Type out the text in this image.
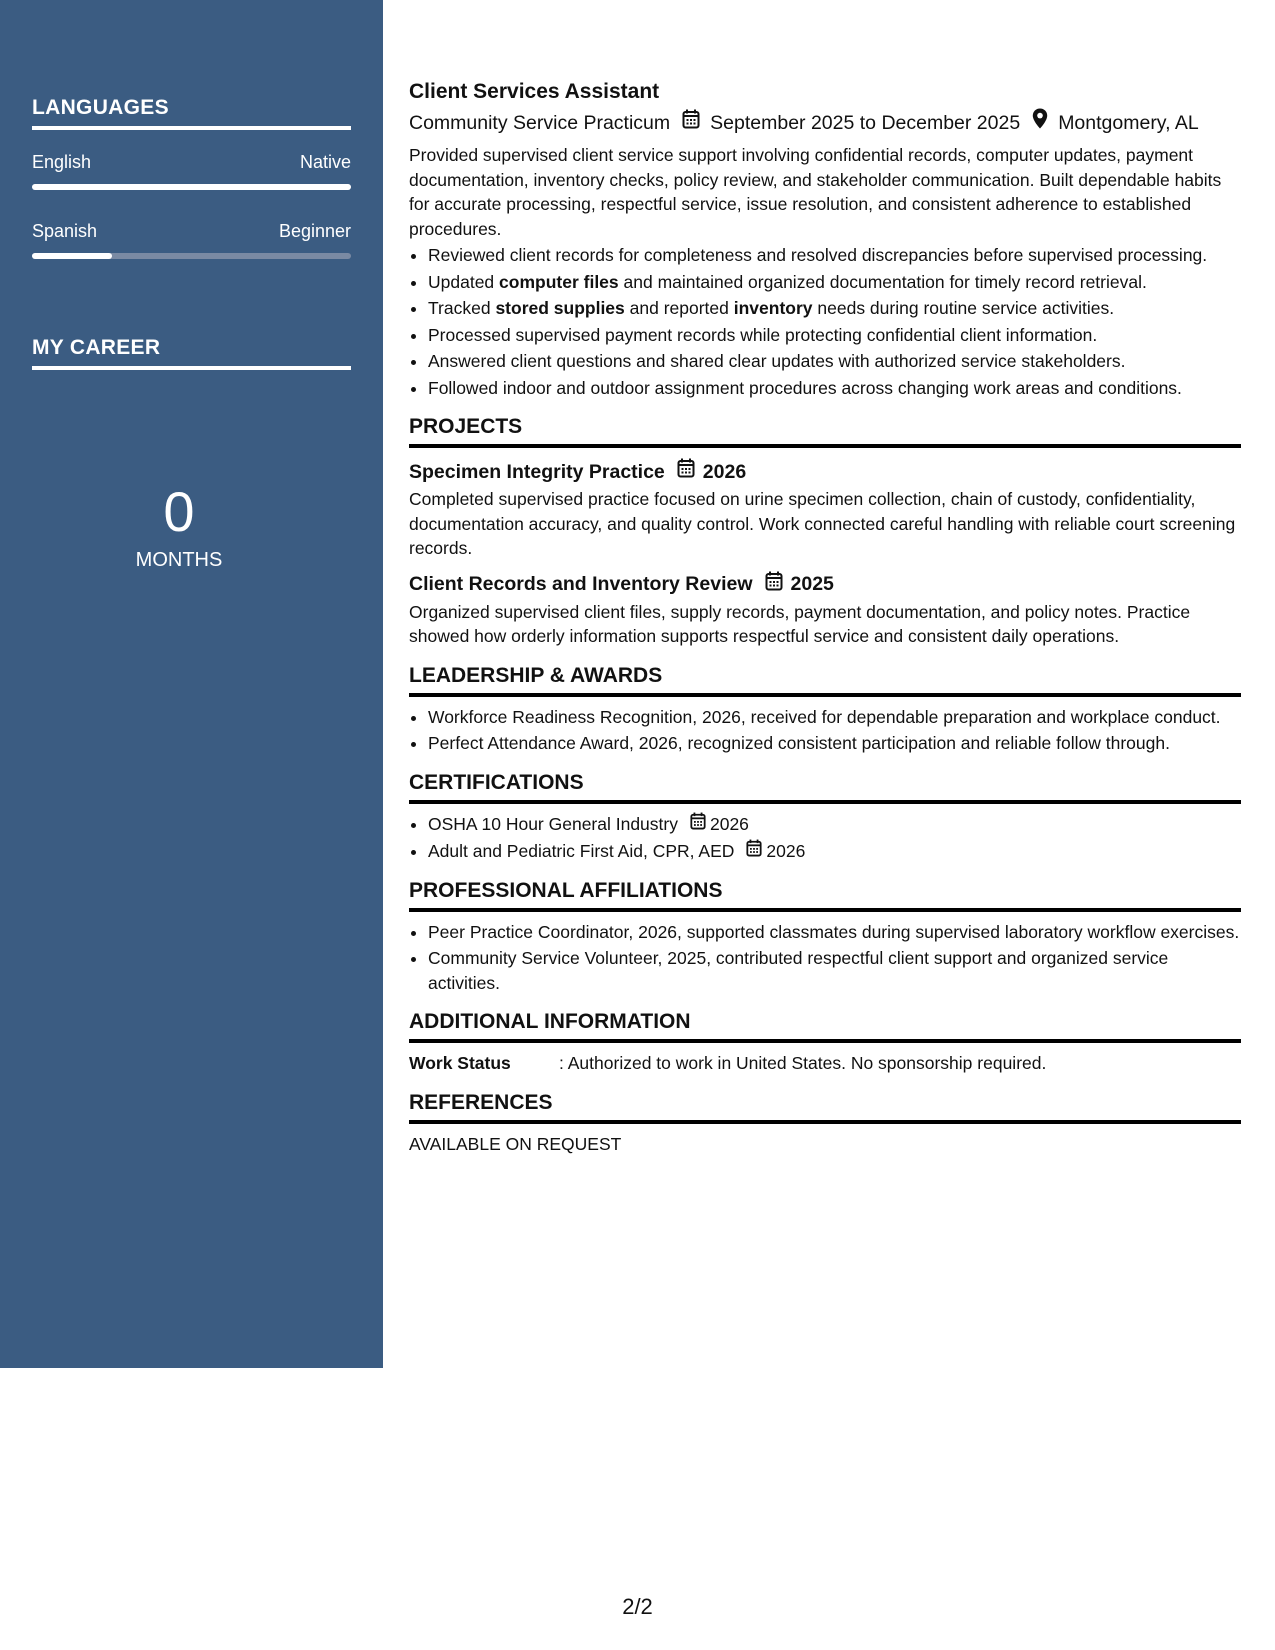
LANGUAGES
English	Native
Spanish	Beginner
MY CAREER
0
MONTHS
Client Services Assistant
Community Service Practicum September 2025 to December 2025 Montgomery, AL
Provided supervised client service support involving confidential records, computer updates, payment documentation, inventory checks, policy review, and stakeholder communication. Built dependable habits for accurate processing, respectful service, issue resolution, and consistent adherence to established procedures.
• Reviewed client records for completeness and resolved discrepancies before supervised processing.
• Updated computer files and maintained organized documentation for timely record retrieval.
• Tracked stored supplies and reported inventory needs during routine service activities.
• Processed supervised payment records while protecting confidential client information.
• Answered client questions and shared clear updates with authorized service stakeholders.
• Followed indoor and outdoor assignment procedures across changing work areas and conditions.
PROJECTS
Specimen Integrity Practice 2026
Completed supervised practice focused on urine specimen collection, chain of custody, confidentiality, documentation accuracy, and quality control. Work connected careful handling with reliable court screening records.
Client Records and Inventory Review 2025
Organized supervised client files, supply records, payment documentation, and policy notes. Practice showed how orderly information supports respectful service and consistent daily operations.
LEADERSHIP & AWARDS
• Workforce Readiness Recognition, 2026, received for dependable preparation and workplace conduct.
• Perfect Attendance Award, 2026, recognized consistent participation and reliable follow through.
CERTIFICATIONS
• OSHA 10 Hour General Industry 2026
• Adult and Pediatric First Aid, CPR, AED 2026
PROFESSIONAL AFFILIATIONS
• Peer Practice Coordinator, 2026, supported classmates during supervised laboratory workflow exercises.
• Community Service Volunteer, 2025, contributed respectful client support and organized service activities.
ADDITIONAL INFORMATION
Work Status	: Authorized to work in United States. No sponsorship required.
REFERENCES
AVAILABLE ON REQUEST
2/2
